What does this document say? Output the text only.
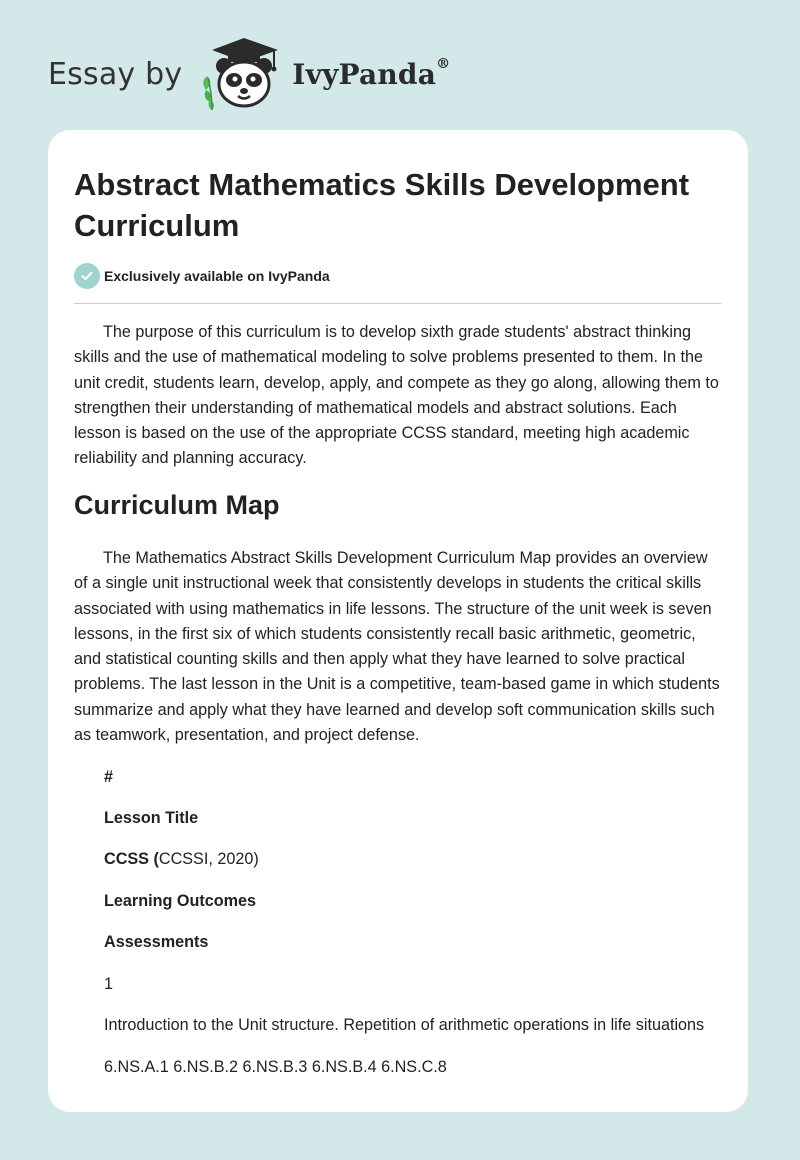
Essay by	IvyPanda®
Abstract Mathematics Skills Development Curriculum
Exclusively available on IvyPanda

The purpose of this curriculum is to develop sixth grade students' abstract thinking skills and the use of mathematical modeling to solve problems presented to them. In the unit credit, students learn, develop, apply, and compete as they go along, allowing them to strengthen their understanding of mathematical models and abstract solutions. Each lesson is based on the use of the appropriate CCSS standard, meeting high academic reliability and planning accuracy.

Curriculum Map

The Mathematics Abstract Skills Development Curriculum Map provides an overview of a single unit instructional week that consistently develops in students the critical skills associated with using mathematics in life lessons. The structure of the unit week is seven lessons, in the first six of which students consistently recall basic arithmetic, geometric, and statistical counting skills and then apply what they have learned to solve practical problems. The last lesson in the Unit is a competitive, team-based game in which students summarize and apply what they have learned and develop soft communication skills such as teamwork, presentation, and project defense.

#
Lesson Title
CCSS (CCSSI, 2020)
Learning Outcomes
Assessments
1
Introduction to the Unit structure. Repetition of arithmetic operations in life situations
6.NS.A.1 6.NS.B.2 6.NS.B.3 6.NS.B.4 6.NS.C.8
